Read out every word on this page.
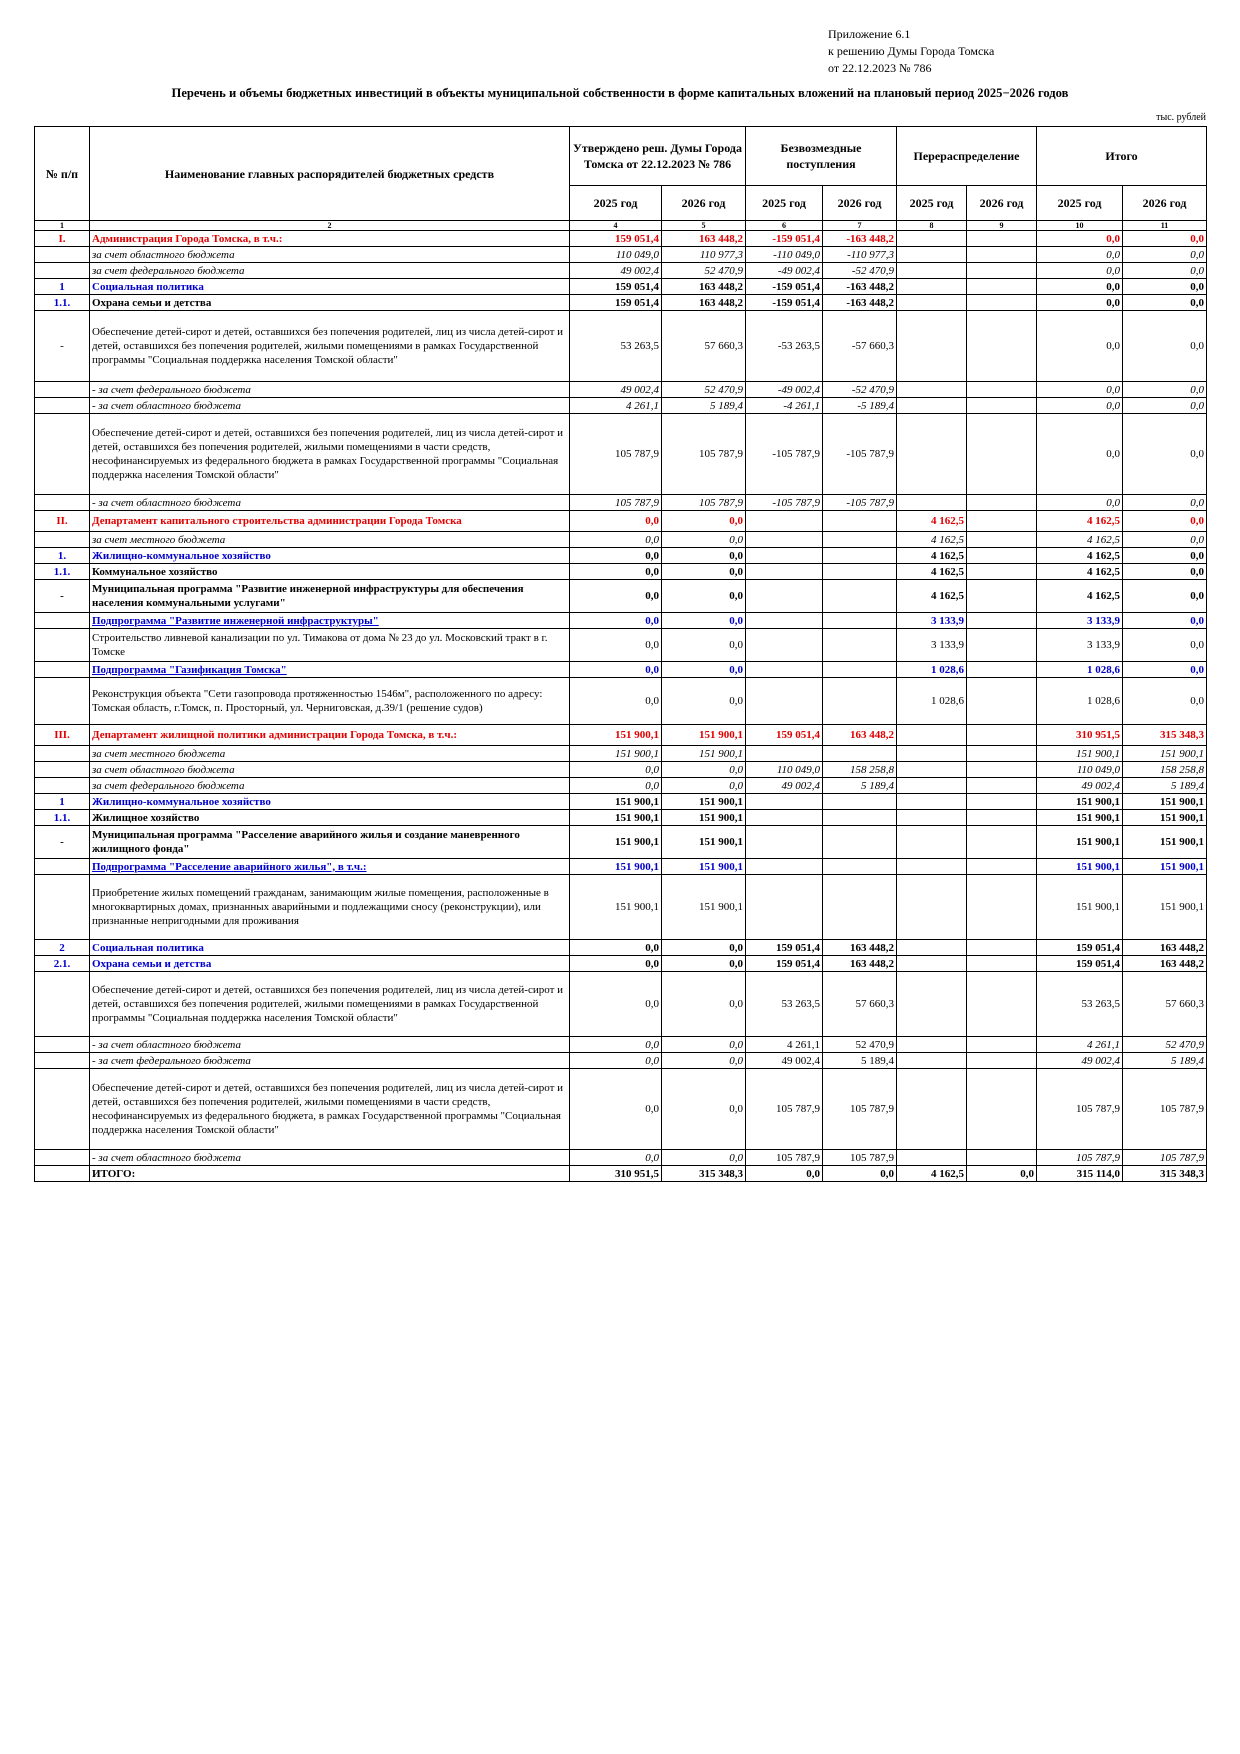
Приложение 6.1
к решению Думы Города Томска
от 22.12.2023 № 786
Перечень и объемы бюджетных инвестиций в объекты муниципальной собственности в форме капитальных вложений на плановый период 2025−2026 годов
тыс. рублей
№ п/п	Наименование главных распорядителей бюджетных средств	Утверждено реш. Думы Города Томска от 22.12.2023 № 786		Безвозмездные поступления		Перераспределение		Итого	
		2025 год	2026 год	2025 год	2026 год	2025 год	2026 год	2025 год	2026 год
1	2	4	5	6	7	8	9	10	11
I.	Администрация Города Томска, в т.ч.:	159 051,4	163 448,2	-159 051,4	-163 448,2			0,0	0,0
	за счет областного бюджета	110 049,0	110 977,3	-110 049,0	-110 977,3			0,0	0,0
	за счет федерального бюджета	49 002,4	52 470,9	-49 002,4	-52 470,9			0,0	0,0
1	Социальная политика	159 051,4	163 448,2	-159 051,4	-163 448,2			0,0	0,0
1.1.	Охрана семьи и детства	159 051,4	163 448,2	-159 051,4	-163 448,2			0,0	0,0
-	Обеспечение детей-сирот и детей, оставшихся без попечения родителей, лиц из числа детей-сирот и детей, оставшихся без попечения родителей, жилыми помещениями в рамках Государственной программы "Социальная поддержка населения Томской области"	53 263,5	57 660,3	-53 263,5	-57 660,3			0,0	0,0
	- за счет федерального бюджета	49 002,4	52 470,9	-49 002,4	-52 470,9			0,0	0,0
	- за счет областного бюджета	4 261,1	5 189,4	-4 261,1	-5 189,4			0,0	0,0
	Обеспечение детей-сирот и детей, оставшихся без попечения родителей, лиц из числа детей-сирот и детей, оставшихся без попечения родителей, жилыми помещениями в части средств, несофинансируемых из федерального бюджета в рамках Государственной программы "Социальная поддержка населения Томской области"	105 787,9	105 787,9	-105 787,9	-105 787,9			0,0	0,0
	- за счет областного бюджета	105 787,9	105 787,9	-105 787,9	-105 787,9			0,0	0,0
II.	Департамент капитального строительства администрации Города Томска	0,0	0,0			4 162,5		4 162,5	0,0
	за счет местного бюджета	0,0	0,0			4 162,5		4 162,5	0,0
1.	Жилищно-коммунальное хозяйство	0,0	0,0			4 162,5		4 162,5	0,0
1.1.	Коммунальное хозяйство	0,0	0,0			4 162,5		4 162,5	0,0
-	Муниципальная программа "Развитие инженерной инфраструктуры для обеспечения населения коммунальными услугами"	0,0	0,0			4 162,5		4 162,5	0,0
	Подпрограмма "Развитие инженерной инфраструктуры"	0,0	0,0			3 133,9		3 133,9	0,0
	Строительство ливневой канализации по ул. Тимакова от дома № 23 до ул. Московский тракт в г. Томске	0,0	0,0			3 133,9		3 133,9	0,0
	Подпрограмма "Газификация Томска"	0,0	0,0			1 028,6		1 028,6	0,0
	Реконструкция объекта "Сети газопровода протяженностью 1546м", расположенного по адресу: Томская область, г.Томск, п. Просторный, ул. Черниговская, д.39/1 (решение судов)	0,0	0,0			1 028,6		1 028,6	0,0
III.	Департамент жилищной политики администрации Города Томска, в т.ч.:	151 900,1	151 900,1	159 051,4	163 448,2			310 951,5	315 348,3
	за счет местного бюджета	151 900,1	151 900,1					151 900,1	151 900,1
	за счет областного бюджета	0,0	0,0	110 049,0	158 258,8			110 049,0	158 258,8
	за счет федерального бюджета	0,0	0,0	49 002,4	5 189,4			49 002,4	5 189,4
1	Жилищно-коммунальное хозяйство	151 900,1	151 900,1					151 900,1	151 900,1
1.1.	Жилищное хозяйство	151 900,1	151 900,1					151 900,1	151 900,1
-	Муниципальная программа "Расселение аварийного жилья и создание маневренного жилищного фонда"	151 900,1	151 900,1					151 900,1	151 900,1
	Подпрограмма "Расселение аварийного жилья", в т.ч.:	151 900,1	151 900,1					151 900,1	151 900,1
	Приобретение жилых помещений гражданам, занимающим жилые помещения, расположенные в многоквартирных домах, признанных аварийными и подлежащими сносу (реконструкции), или признанные непригодными для проживания	151 900,1	151 900,1					151 900,1	151 900,1
2	Социальная политика	0,0	0,0	159 051,4	163 448,2			159 051,4	163 448,2
2.1.	Охрана семьи и детства	0,0	0,0	159 051,4	163 448,2			159 051,4	163 448,2
	Обеспечение детей-сирот и детей, оставшихся без попечения родителей, лиц из числа детей-сирот и детей, оставшихся без попечения родителей, жилыми помещениями в рамках Государственной программы "Социальная поддержка населения Томской области"	0,0	0,0	53 263,5	57 660,3			53 263,5	57 660,3
	- за счет областного бюджета	0,0	0,0	4 261,1	52 470,9			4 261,1	52 470,9
	- за счет федерального бюджета	0,0	0,0	49 002,4	5 189,4			49 002,4	5 189,4
	Обеспечение детей-сирот и детей, оставшихся без попечения родителей, лиц из числа детей-сирот и детей, оставшихся без попечения родителей, жилыми помещениями в части средств, несофинансируемых из федерального бюджета, в рамках Государственной программы "Социальная поддержка населения Томской области"	0,0	0,0	105 787,9	105 787,9			105 787,9	105 787,9
	- за счет областного бюджета	0,0	0,0	105 787,9	105 787,9			105 787,9	105 787,9
	ИТОГО:	310 951,5	315 348,3	0,0	0,0	4 162,5	0,0	315 114,0	315 348,3
